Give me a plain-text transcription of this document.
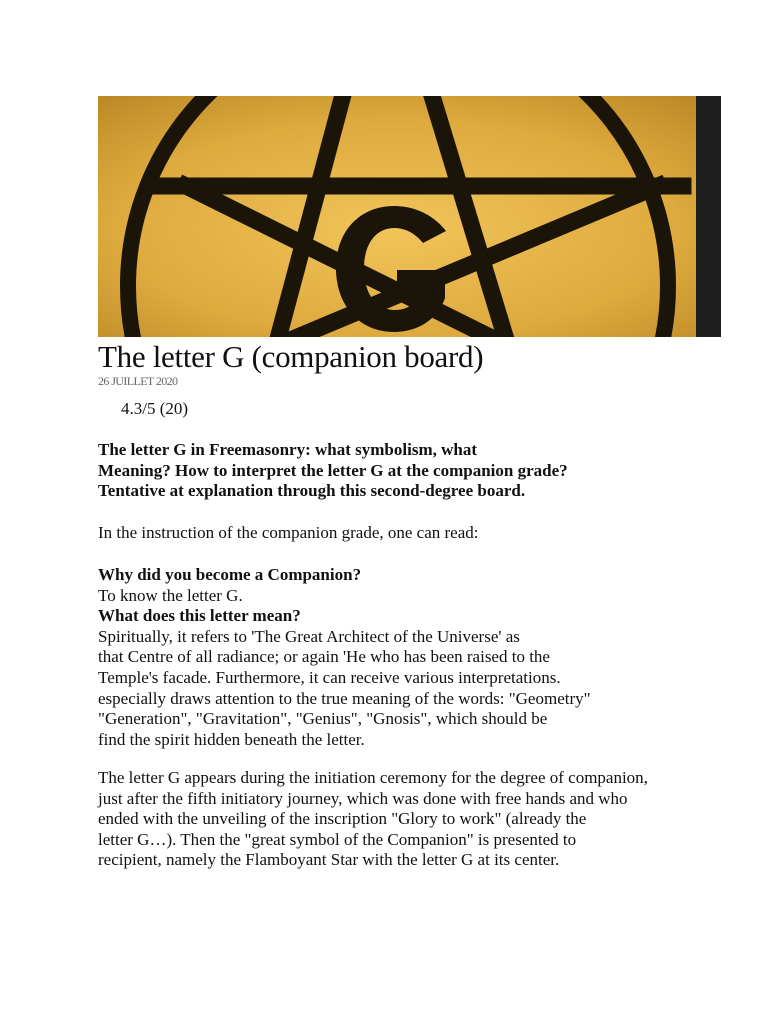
The letter G (companion board)
26 JUILLET 2020
4.3/5 (20)

The letter G in Freemasonry: what symbolism, what
Meaning? How to interpret the letter G at the companion grade?
Tentative at explanation through this second-degree board.

In the instruction of the companion grade, one can read:

Why did you become a Companion?
To know the letter G.
What does this letter mean?
Spiritually, it refers to 'The Great Architect of the Universe' as
that Centre of all radiance; or again 'He who has been raised to the
Temple's facade. Furthermore, it can receive various interpretations.
especially draws attention to the true meaning of the words: "Geometry"
"Generation", "Gravitation", "Genius", "Gnosis", which should be
find the spirit hidden beneath the letter.

The letter G appears during the initiation ceremony for the degree of companion,
just after the fifth initiatory journey, which was done with free hands and who
ended with the unveiling of the inscription "Glory to work" (already the
letter G…). Then the "great symbol of the Companion" is presented to
recipient, namely the Flamboyant Star with the letter G at its center.
